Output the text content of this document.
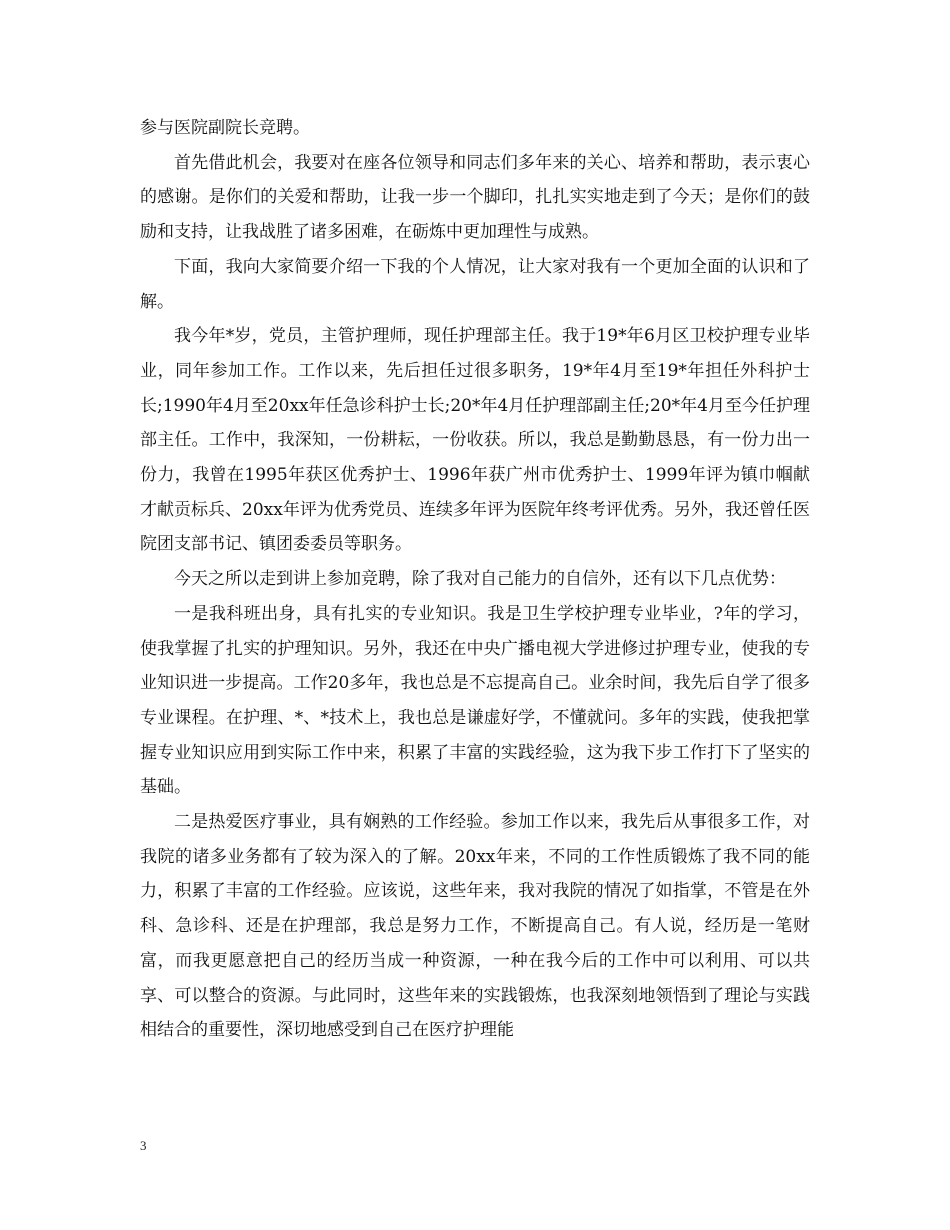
参与医院副院长竞聘。

首先借此机会，我要对在座各位领导和同志们多年来的关心、培养和帮助，表示衷心的感谢。是你们的关爱和帮助，让我一步一个脚印，扎扎实实地走到了今天；是你们的鼓励和支持，让我战胜了诸多困难，在砺炼中更加理性与成熟。

下面，我向大家简要介绍一下我的个人情况，让大家对我有一个更加全面的认识和了解。

我今年*岁，党员，主管护理师，现任护理部主任。我于19*年6月区卫校护理专业毕业，同年参加工作。工作以来，先后担任过很多职务，19*年4月至19*年担任外科护士长;1990年4月至20xx年任急诊科护士长;20*年4月任护理部副主任;20*年4月至今任护理部主任。工作中，我深知，一份耕耘，一份收获。所以，我总是勤勤恳恳，有一份力出一份力，我曾在1995年获区优秀护士、1996年获广州市优秀护士、1999年评为镇巾帼献才献贡标兵、20xx年评为优秀党员、连续多年评为医院年终考评优秀。另外，我还曾任医院团支部书记、镇团委委员等职务。

今天之所以走到讲上参加竞聘，除了我对自己能力的自信外，还有以下几点优势：

一是我科班出身，具有扎实的专业知识。我是卫生学校护理专业毕业，?年的学习，使我掌握了扎实的护理知识。另外，我还在中央广播电视大学进修过护理专业，使我的专业知识进一步提高。工作20多年，我也总是不忘提高自己。业余时间，我先后自学了很多专业课程。在护理、*、*技术上，我也总是谦虚好学，不懂就问。多年的实践，使我把掌握专业知识应用到实际工作中来，积累了丰富的实践经验，这为我下步工作打下了坚实的基础。

二是热爱医疗事业，具有娴熟的工作经验。参加工作以来，我先后从事很多工作，对我院的诸多业务都有了较为深入的了解。20xx年来，不同的工作性质锻炼了我不同的能力，积累了丰富的工作经验。应该说，这些年来，我对我院的情况了如指掌，不管是在外科、急诊科、还是在护理部，我总是努力工作，不断提高自己。有人说，经历是一笔财富，而我更愿意把自己的经历当成一种资源，一种在我今后的工作中可以利用、可以共享、可以整合的资源。与此同时，这些年来的实践锻炼，也我深刻地领悟到了理论与实践相结合的重要性，深切地感受到自己在医疗护理能

3
